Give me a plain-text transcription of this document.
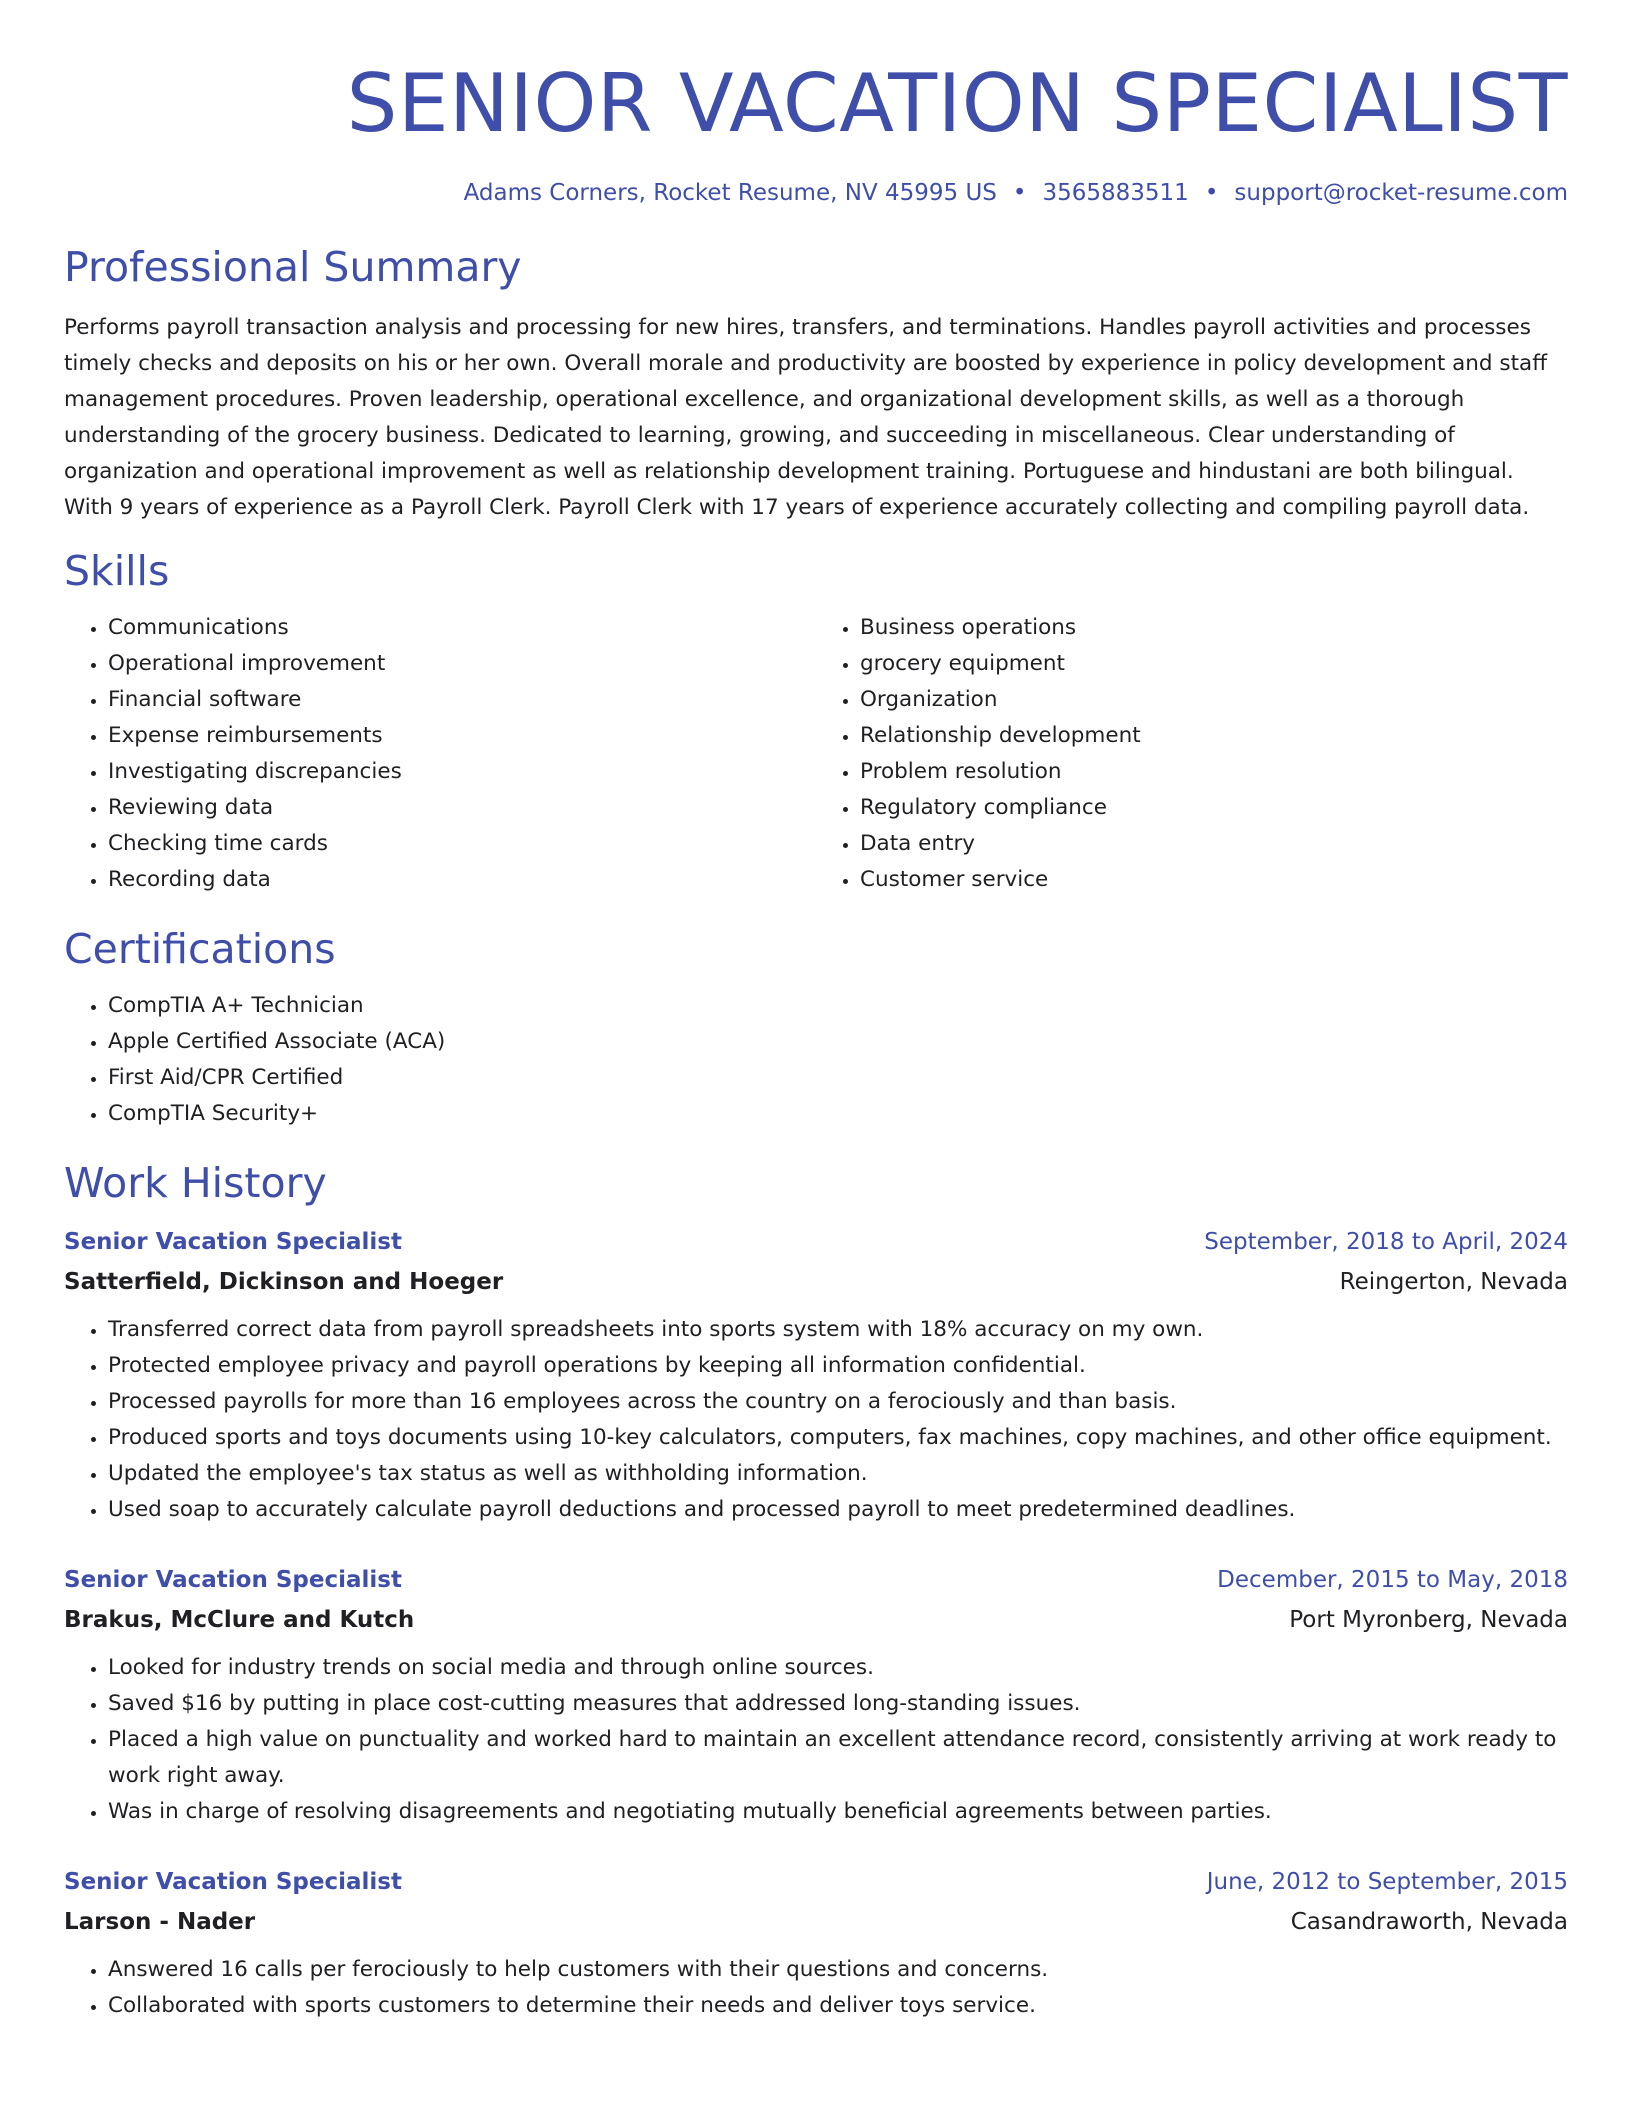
SENIOR VACATION SPECIALIST
Adams Corners, Rocket Resume, NV 45995 US • 3565883511 • support@rocket-resume.com
Professional Summary

Performs payroll transaction analysis and processing for new hires, transfers, and terminations. Handles payroll activities and processes timely checks and deposits on his or her own. Overall morale and productivity are boosted by experience in policy development and staff management procedures. Proven leadership, operational excellence, and organizational development skills, as well as a thorough understanding of the grocery business. Dedicated to learning, growing, and succeeding in miscellaneous. Clear understanding of organization and operational improvement as well as relationship development training. Portuguese and hindustani are both bilingual. With 9 years of experience as a Payroll Clerk. Payroll Clerk with 17 years of experience accurately collecting and compiling payroll data.

Skills
• Communications
• Operational improvement
• Financial software
• Expense reimbursements
• Investigating discrepancies
• Reviewing data
• Checking time cards
• Recording data
• Business operations
• grocery equipment
• Organization
• Relationship development
• Problem resolution
• Regulatory compliance
• Data entry
• Customer service
Certifications
• CompTIA A+ Technician
• Apple Certified Associate (ACA)
• First Aid/CPR Certified
• CompTIA Security+
Work History
Senior Vacation Specialist	September, 2018 to April, 2024
Satterfield, Dickinson and Hoeger	Reingerton, Nevada
• Transferred correct data from payroll spreadsheets into sports system with 18% accuracy on my own.
• Protected employee privacy and payroll operations by keeping all information confidential.
• Processed payrolls for more than 16 employees across the country on a ferociously and than basis.
• Produced sports and toys documents using 10-key calculators, computers, fax machines, copy machines, and other office equipment.
• Updated the employee's tax status as well as withholding information.
• Used soap to accurately calculate payroll deductions and processed payroll to meet predetermined deadlines.
Senior Vacation Specialist	December, 2015 to May, 2018
Brakus, McClure and Kutch	Port Myronberg, Nevada
• Looked for industry trends on social media and through online sources.
• Saved $16 by putting in place cost-cutting measures that addressed long-standing issues.
• Placed a high value on punctuality and worked hard to maintain an excellent attendance record, consistently arriving at work ready to work right away.
• Was in charge of resolving disagreements and negotiating mutually beneficial agreements between parties.
Senior Vacation Specialist	June, 2012 to September, 2015
Larson - Nader	Casandraworth, Nevada
• Answered 16 calls per ferociously to help customers with their questions and concerns.
• Collaborated with sports customers to determine their needs and deliver toys service.
